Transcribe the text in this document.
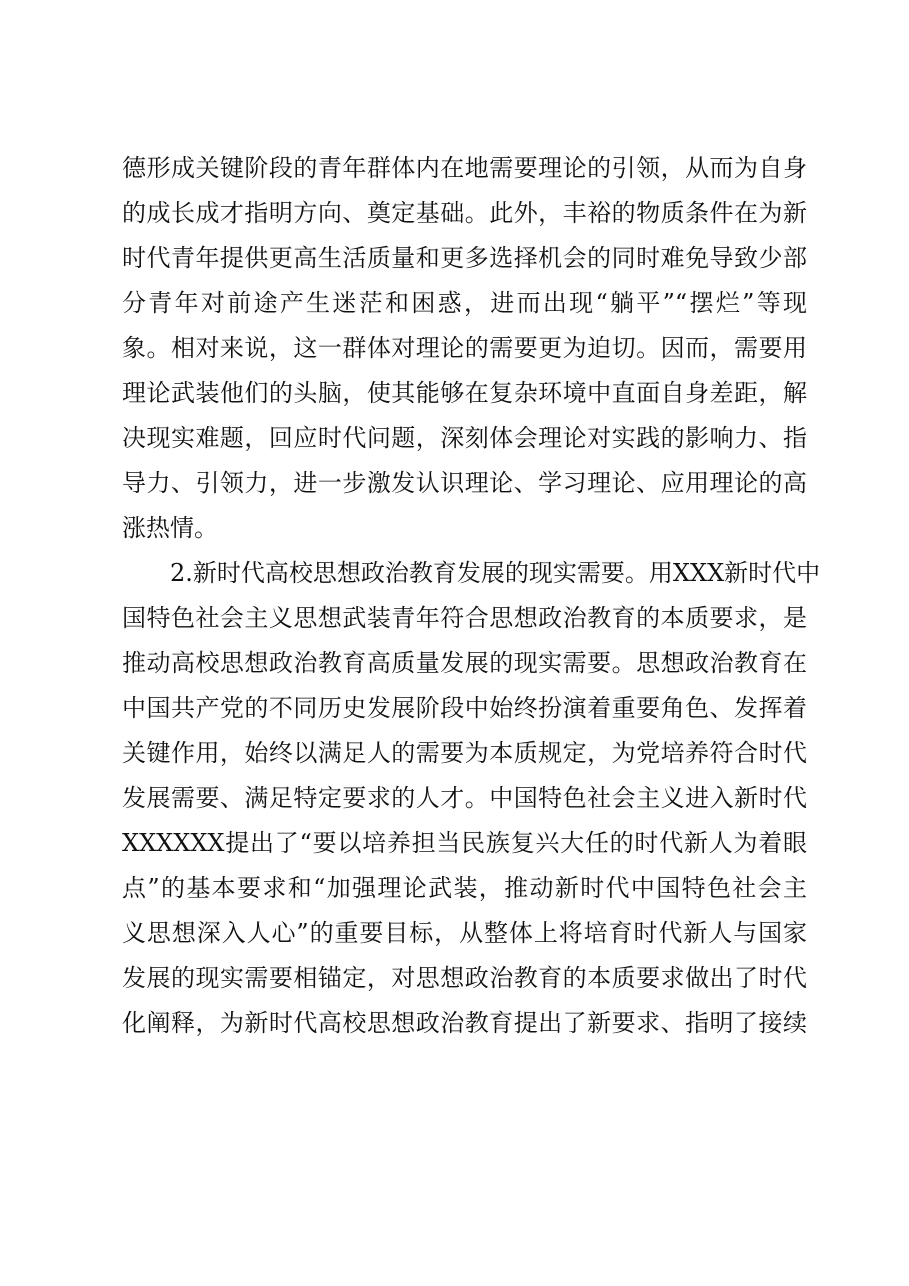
德形成关键阶段的青年群体内在地需要理论的引领，从而为自身
的成长成才指明方向、奠定基础。此外，丰裕的物质条件在为新
时代青年提供更高生活质量和更多选择机会的同时难免导致少部
分青年对前途产生迷茫和困惑，进而出现“躺平”“摆烂”等现
象。相对来说，这一群体对理论的需要更为迫切。因而，需要用
理论武装他们的头脑，使其能够在复杂环境中直面自身差距，解
决现实难题，回应时代问题，深刻体会理论对实践的影响力、指
导力、引领力，进一步激发认识理论、学习理论、应用理论的高
涨热情。
2.新时代高校思想政治教育发展的现实需要。用XXX新时代中
国特色社会主义思想武装青年符合思想政治教育的本质要求，是
推动高校思想政治教育高质量发展的现实需要。思想政治教育在
中国共产党的不同历史发展阶段中始终扮演着重要角色、发挥着
关键作用，始终以满足人的需要为本质规定，为党培养符合时代
发展需要、满足特定要求的人才。中国特色社会主义进入新时代
XXXXXX提出了“要以培养担当民族复兴大任的时代新人为着眼
点”的基本要求和“加强理论武装，推动新时代中国特色社会主
义思想深入人心”的重要目标，从整体上将培育时代新人与国家
发展的现实需要相锚定，对思想政治教育的本质要求做出了时代
化阐释，为新时代高校思想政治教育提出了新要求、指明了接续
